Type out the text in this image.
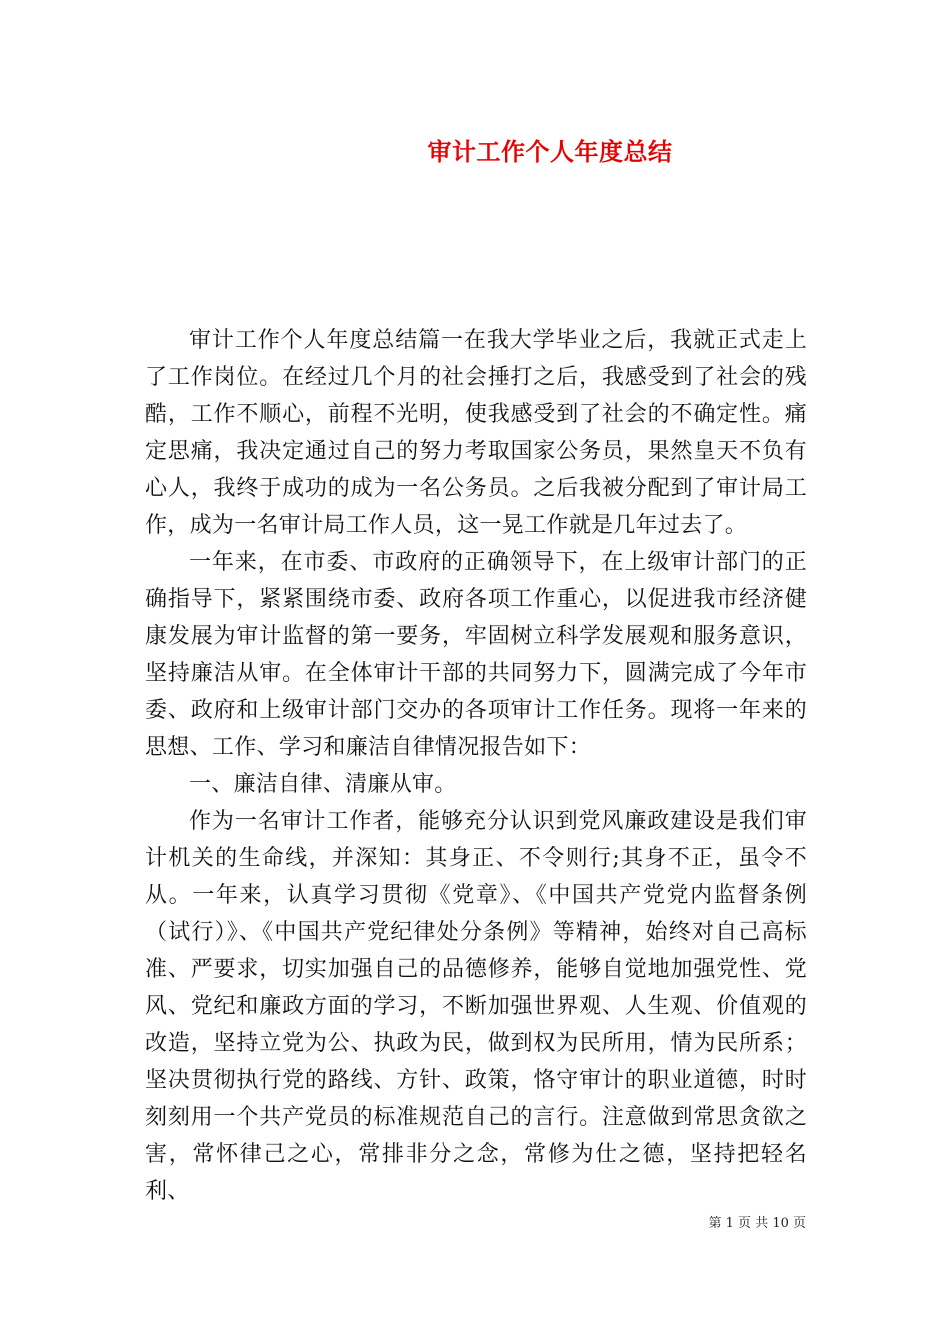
审计工作个人年度总结

审计工作个人年度总结篇一在我大学毕业之后，我就正式走上了工作岗位。在经过几个月的社会捶打之后，我感受到了社会的残酷，工作不顺心，前程不光明，使我感受到了社会的不确定性。痛定思痛，我决定通过自己的努力考取国家公务员，果然皇天不负有心人，我终于成功的成为一名公务员。之后我被分配到了审计局工作，成为一名审计局工作人员，这一晃工作就是几年过去了。

一年来，在市委、市政府的正确领导下，在上级审计部门的正确指导下，紧紧围绕市委、政府各项工作重心，以促进我市经济健康发展为审计监督的第一要务，牢固树立科学发展观和服务意识，坚持廉洁从审。在全体审计干部的共同努力下，圆满完成了今年市委、政府和上级审计部门交办的各项审计工作任务。现将一年来的思想、工作、学习和廉洁自律情况报告如下：

一、廉洁自律、清廉从审。

作为一名审计工作者，能够充分认识到党风廉政建设是我们审计机关的生命线，并深知：其身正、不令则行;其身不正，虽令不从。一年来，认真学习贯彻《党章》、《中国共产党党内监督条例（试行）》、《中国共产党纪律处分条例》等精神，始终对自己高标准、严要求，切实加强自己的品德修养，能够自觉地加强党性、党风、党纪和廉政方面的学习，不断加强世界观、人生观、价值观的改造，坚持立党为公、执政为民，做到权为民所用，情为民所系；坚决贯彻执行党的路线、方针、政策，恪守审计的职业道德，时时刻刻用一个共产党员的标准规范自己的言行。注意做到常思贪欲之害，常怀律己之心，常排非分之念，常修为仕之德，坚持把轻名利、

第 1 页 共 10 页
